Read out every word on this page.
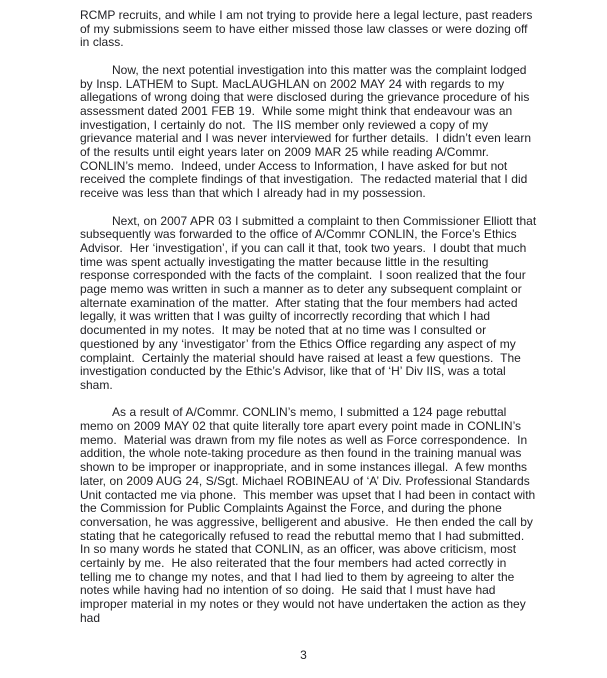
RCMP recruits, and while I am not trying to provide here a legal lecture, past readers of my submissions seem to have either missed those law classes or were dozing off in class.

Now, the next potential investigation into this matter was the complaint lodged by Insp. LATHEM to Supt. MacLAUGHLAN on 2002 MAY 24 with regards to my allegations of wrong doing that were disclosed during the grievance procedure of his assessment dated 2001 FEB 19.  While some might think that endeavour was an investigation, I certainly do not.  The IIS member only reviewed a copy of my grievance material and I was never interviewed for further details.  I didn’t even learn of the results until eight years later on 2009 MAR 25 while reading A/Commr. CONLIN’s memo.  Indeed, under Access to Information, I have asked for but not received the complete findings of that investigation.  The redacted material that I did receive was less than that which I already had in my possession.

Next, on 2007 APR 03 I submitted a complaint to then Commissioner Elliott that subsequently was forwarded to the office of A/Commr CONLIN, the Force’s Ethics Advisor.  Her ‘investigation’, if you can call it that, took two years.  I doubt that much time was spent actually investigating the matter because little in the resulting response corresponded with the facts of the complaint.  I soon realized that the four page memo was written in such a manner as to deter any subsequent complaint or alternate examination of the matter.  After stating that the four members had acted legally, it was written that I was guilty of incorrectly recording that which I had documented in my notes.  It may be noted that at no time was I consulted or questioned by any ‘investigator’ from the Ethics Office regarding any aspect of my complaint.  Certainly the material should have raised at least a few questions.  The investigation conducted by the Ethic’s Advisor, like that of ‘H’ Div IIS, was a total sham.

As a result of A/Commr. CONLIN’s memo, I submitted a 124 page rebuttal memo on 2009 MAY 02 that quite literally tore apart every point made in CONLIN’s memo.  Material was drawn from my file notes as well as Force correspondence.  In addition, the whole note-taking procedure as then found in the training manual was shown to be improper or inappropriate, and in some instances illegal.  A few months later, on 2009 AUG 24, S/Sgt. Michael ROBINEAU of ‘A’ Div. Professional Standards Unit contacted me via phone.  This member was upset that I had been in contact with the Commission for Public Complaints Against the Force, and during the phone conversation, he was aggressive, belligerent and abusive.  He then ended the call by stating that he categorically refused to read the rebuttal memo that I had submitted.  In so many words he stated that CONLIN, as an officer, was above criticism, most certainly by me.  He also reiterated that the four members had acted correctly in telling me to change my notes, and that I had lied to them by agreeing to alter the notes while having had no intention of so doing.  He said that I must have had improper material in my notes or they would not have undertaken the action as they had

3
